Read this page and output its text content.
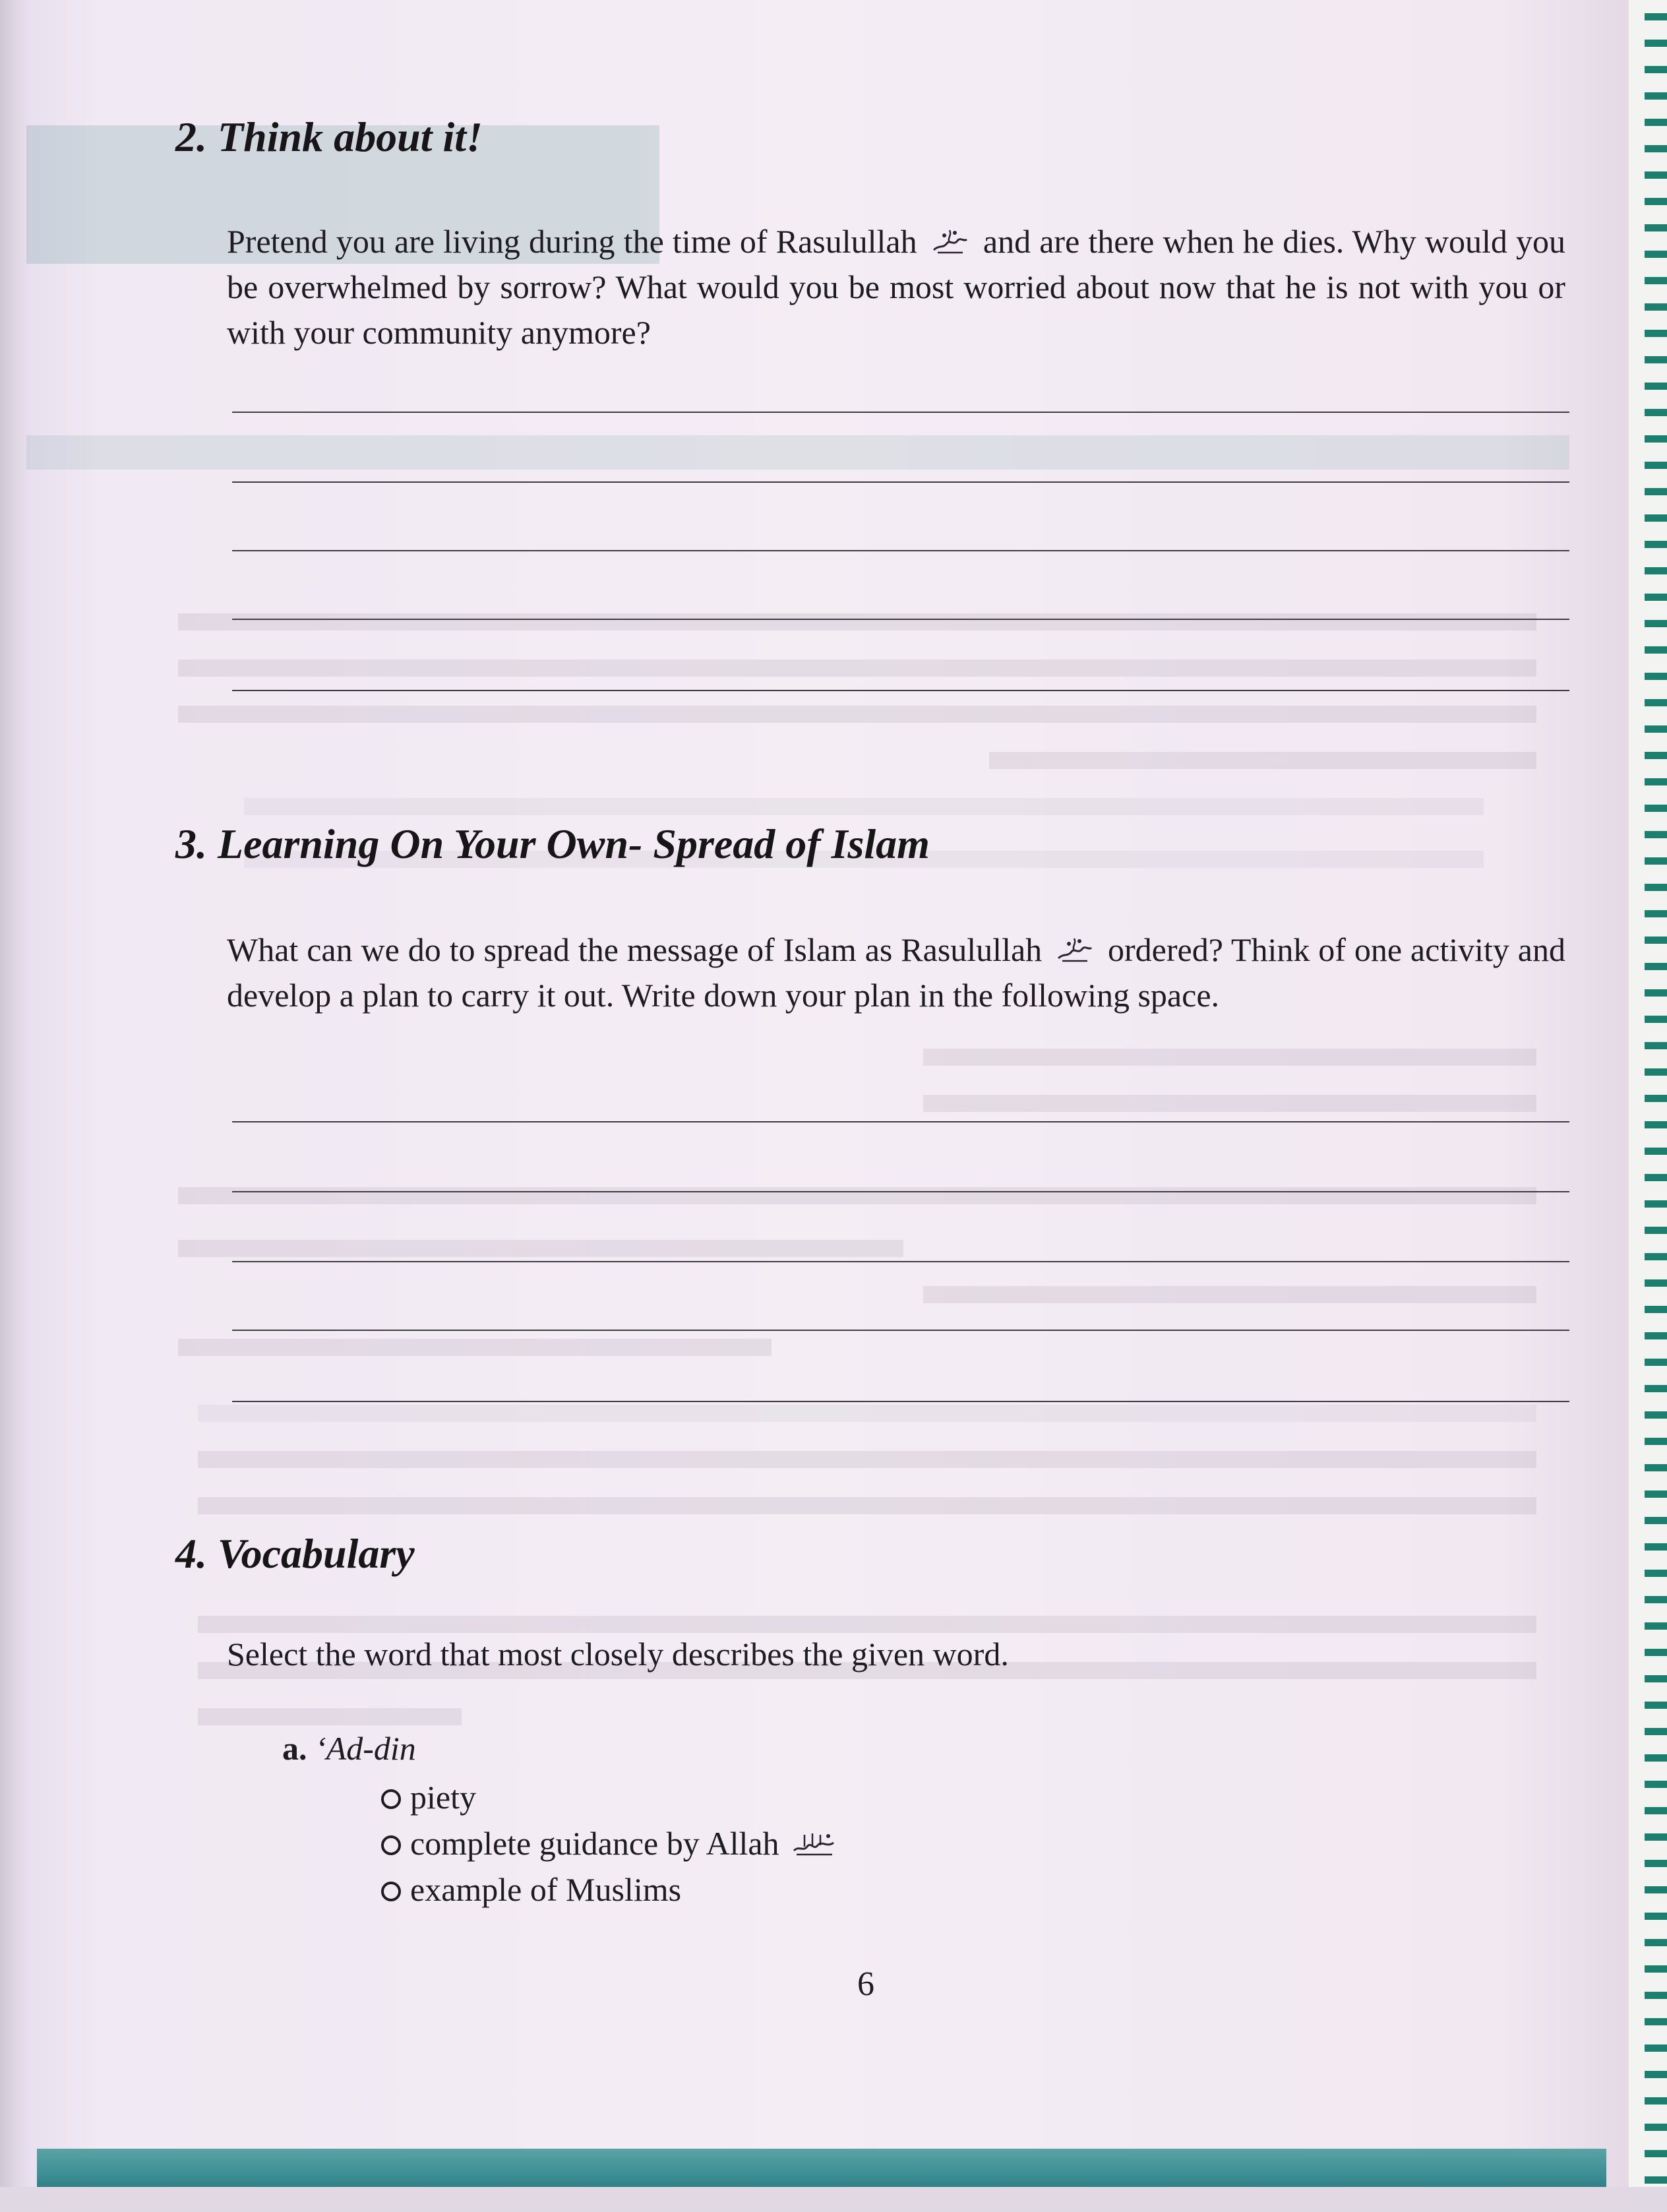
2. Think about it!
Pretend you are living during the time of Rasulullah and are there when he dies. Why would you be overwhelmed by sorrow? What would you be most worried about now that he is not with you or with your community anymore?
3. Learning On Your Own- Spread of Islam
What can we do to spread the message of Islam as Rasulullah ordered? Think of one activity and develop a plan to carry it out. Write down your plan in the following space.
4. Vocabulary
Select the word that most closely describes the given word.
a. ‘Ad-din
piety
complete guidance by Allah
example of Muslims
6
